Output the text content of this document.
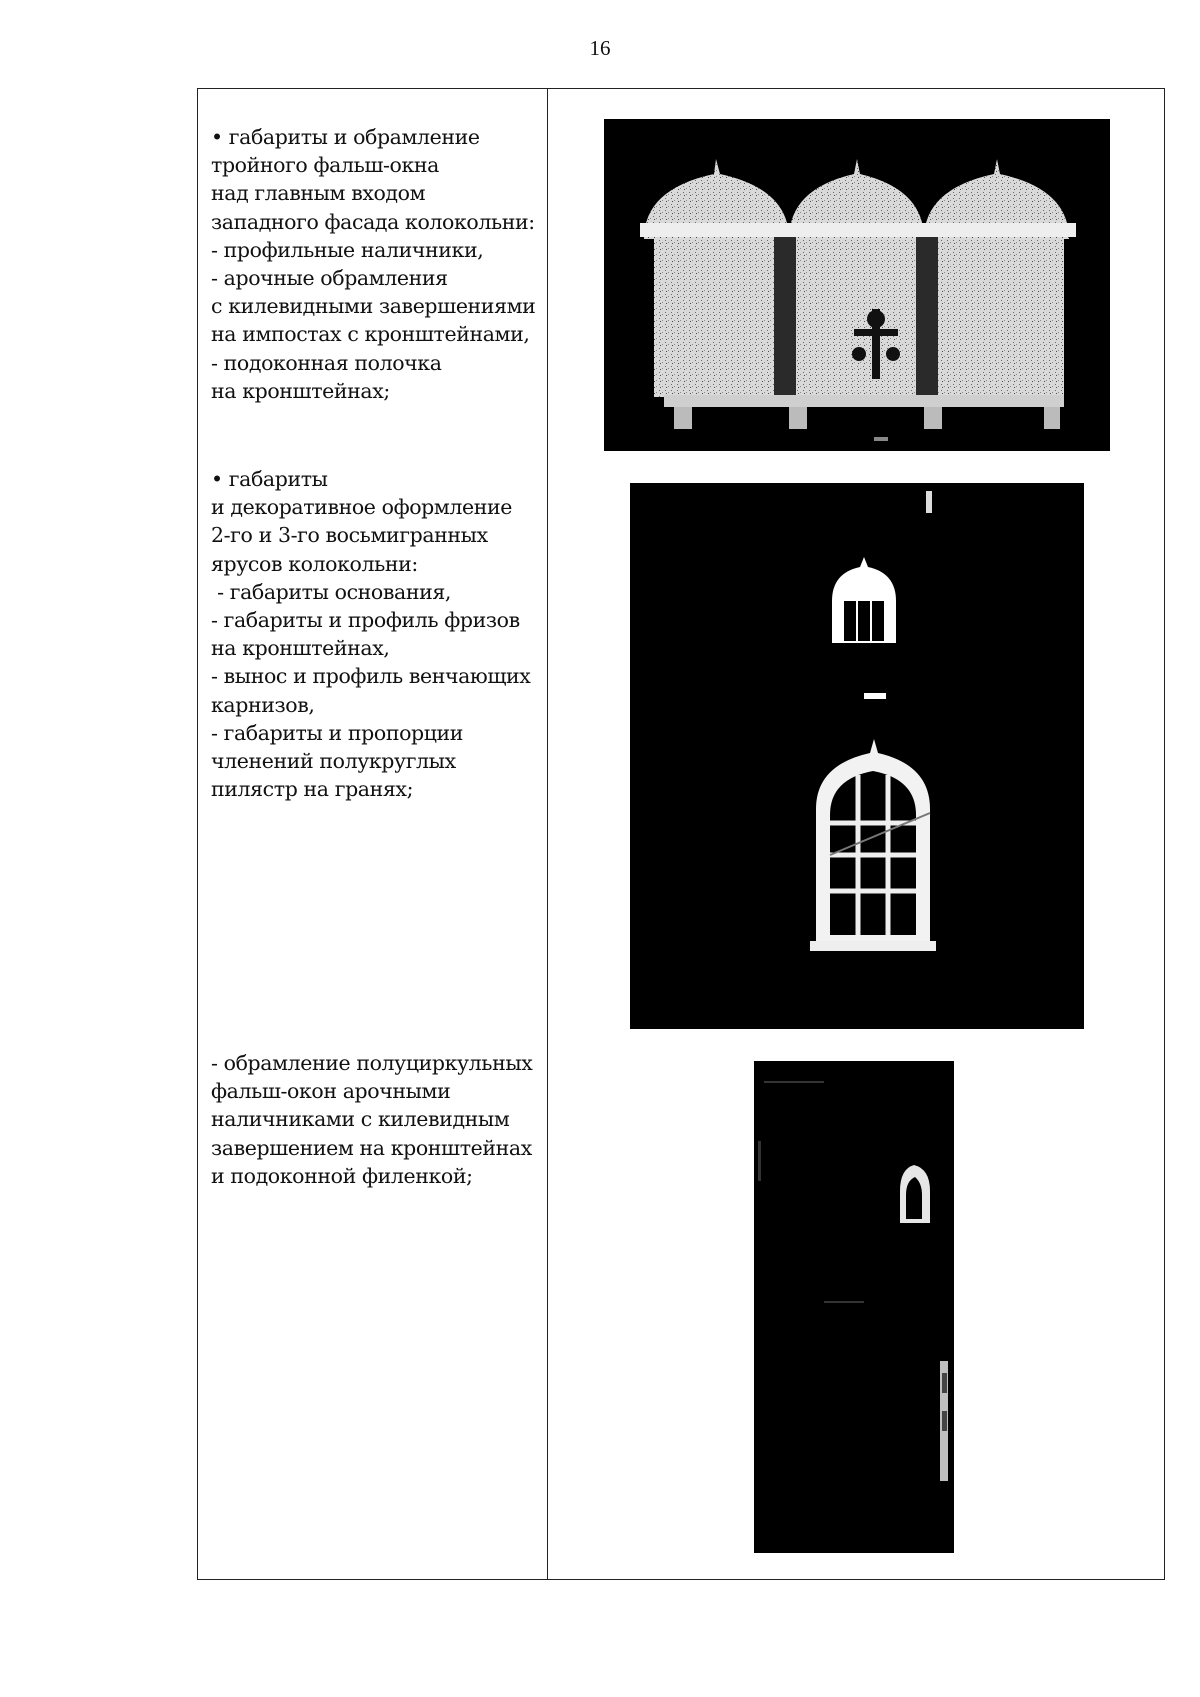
16
• габариты и обрамление
тройного фальш-окна
над главным входом
западного фасада колокольни:
- профильные наличники,
- арочные обрамления
с килевидными завершениями
на импостах с кронштейнами,
- подоконная полочка
на кронштейнах;
• габариты
и декоративное оформление
2-го и 3-го восьмигранных
ярусов колокольни:
- габариты основания,
- габариты и профиль фризов
на кронштейнах,
- вынос и профиль венчающих
карнизов,
- габариты и пропорции
членений полукруглых
пилястр на гранях;
- обрамление полуциркульных
фальш-окон арочными
наличниками с килевидным
завершением на кронштейнах
и подоконной филенкой;
